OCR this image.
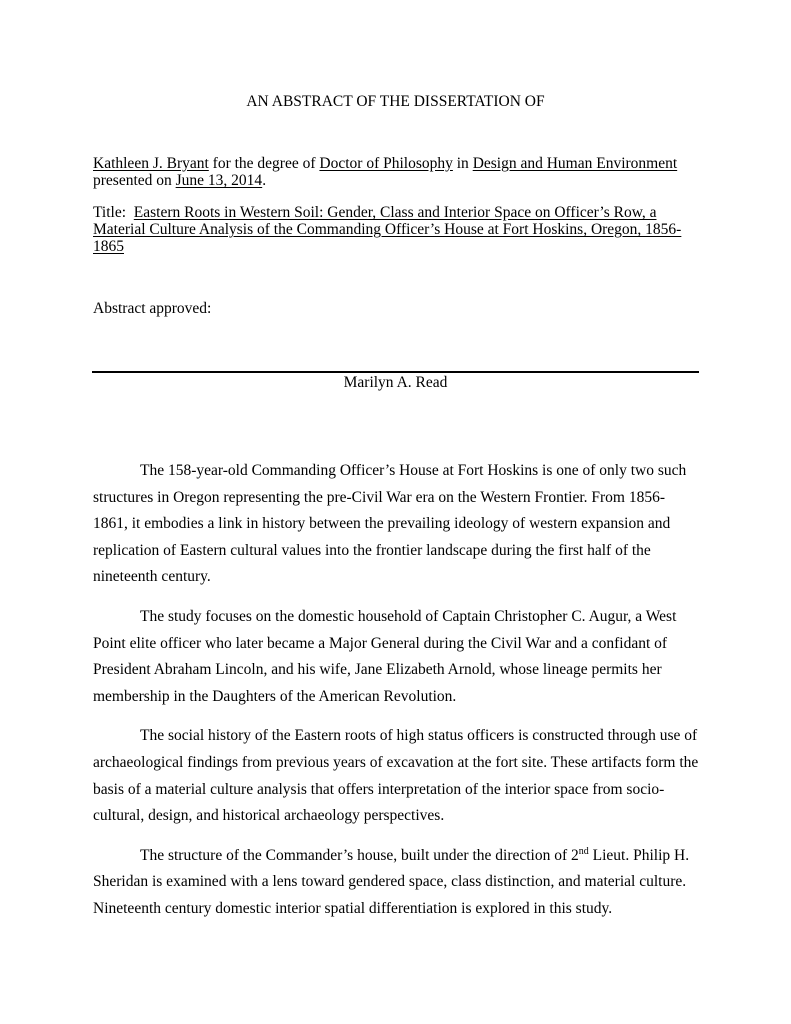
AN ABSTRACT OF THE DISSERTATION OF
Kathleen J. Bryant for the degree of Doctor of Philosophy in Design and Human Environment
presented on June 13, 2014.
Title:  Eastern Roots in Western Soil: Gender, Class and Interior Space on Officer’s Row, a Material Culture Analysis of the Commanding Officer’s House at Fort Hoskins, Oregon, 1856-1865
Abstract approved:
Marilyn A. Read

The 158-year-old Commanding Officer’s House at Fort Hoskins is one of only two such structures in Oregon representing the pre-Civil War era on the Western Frontier. From 1856-1861, it embodies a link in history between the prevailing ideology of western expansion and replication of Eastern cultural values into the frontier landscape during the first half of the nineteenth century.

The study focuses on the domestic household of Captain Christopher C. Augur, a West Point elite officer who later became a Major General during the Civil War and a confidant of President Abraham Lincoln, and his wife, Jane Elizabeth Arnold, whose lineage permits her membership in the Daughters of the American Revolution.

The social history of the Eastern roots of high status officers is constructed through use of archaeological findings from previous years of excavation at the fort site. These artifacts form the basis of a material culture analysis that offers interpretation of the interior space from socio-cultural, design, and historical archaeology perspectives.

The structure of the Commander’s house, built under the direction of 2nd Lieut. Philip H. Sheridan is examined with a lens toward gendered space, class distinction, and material culture. Nineteenth century domestic interior spatial differentiation is explored in this study.
